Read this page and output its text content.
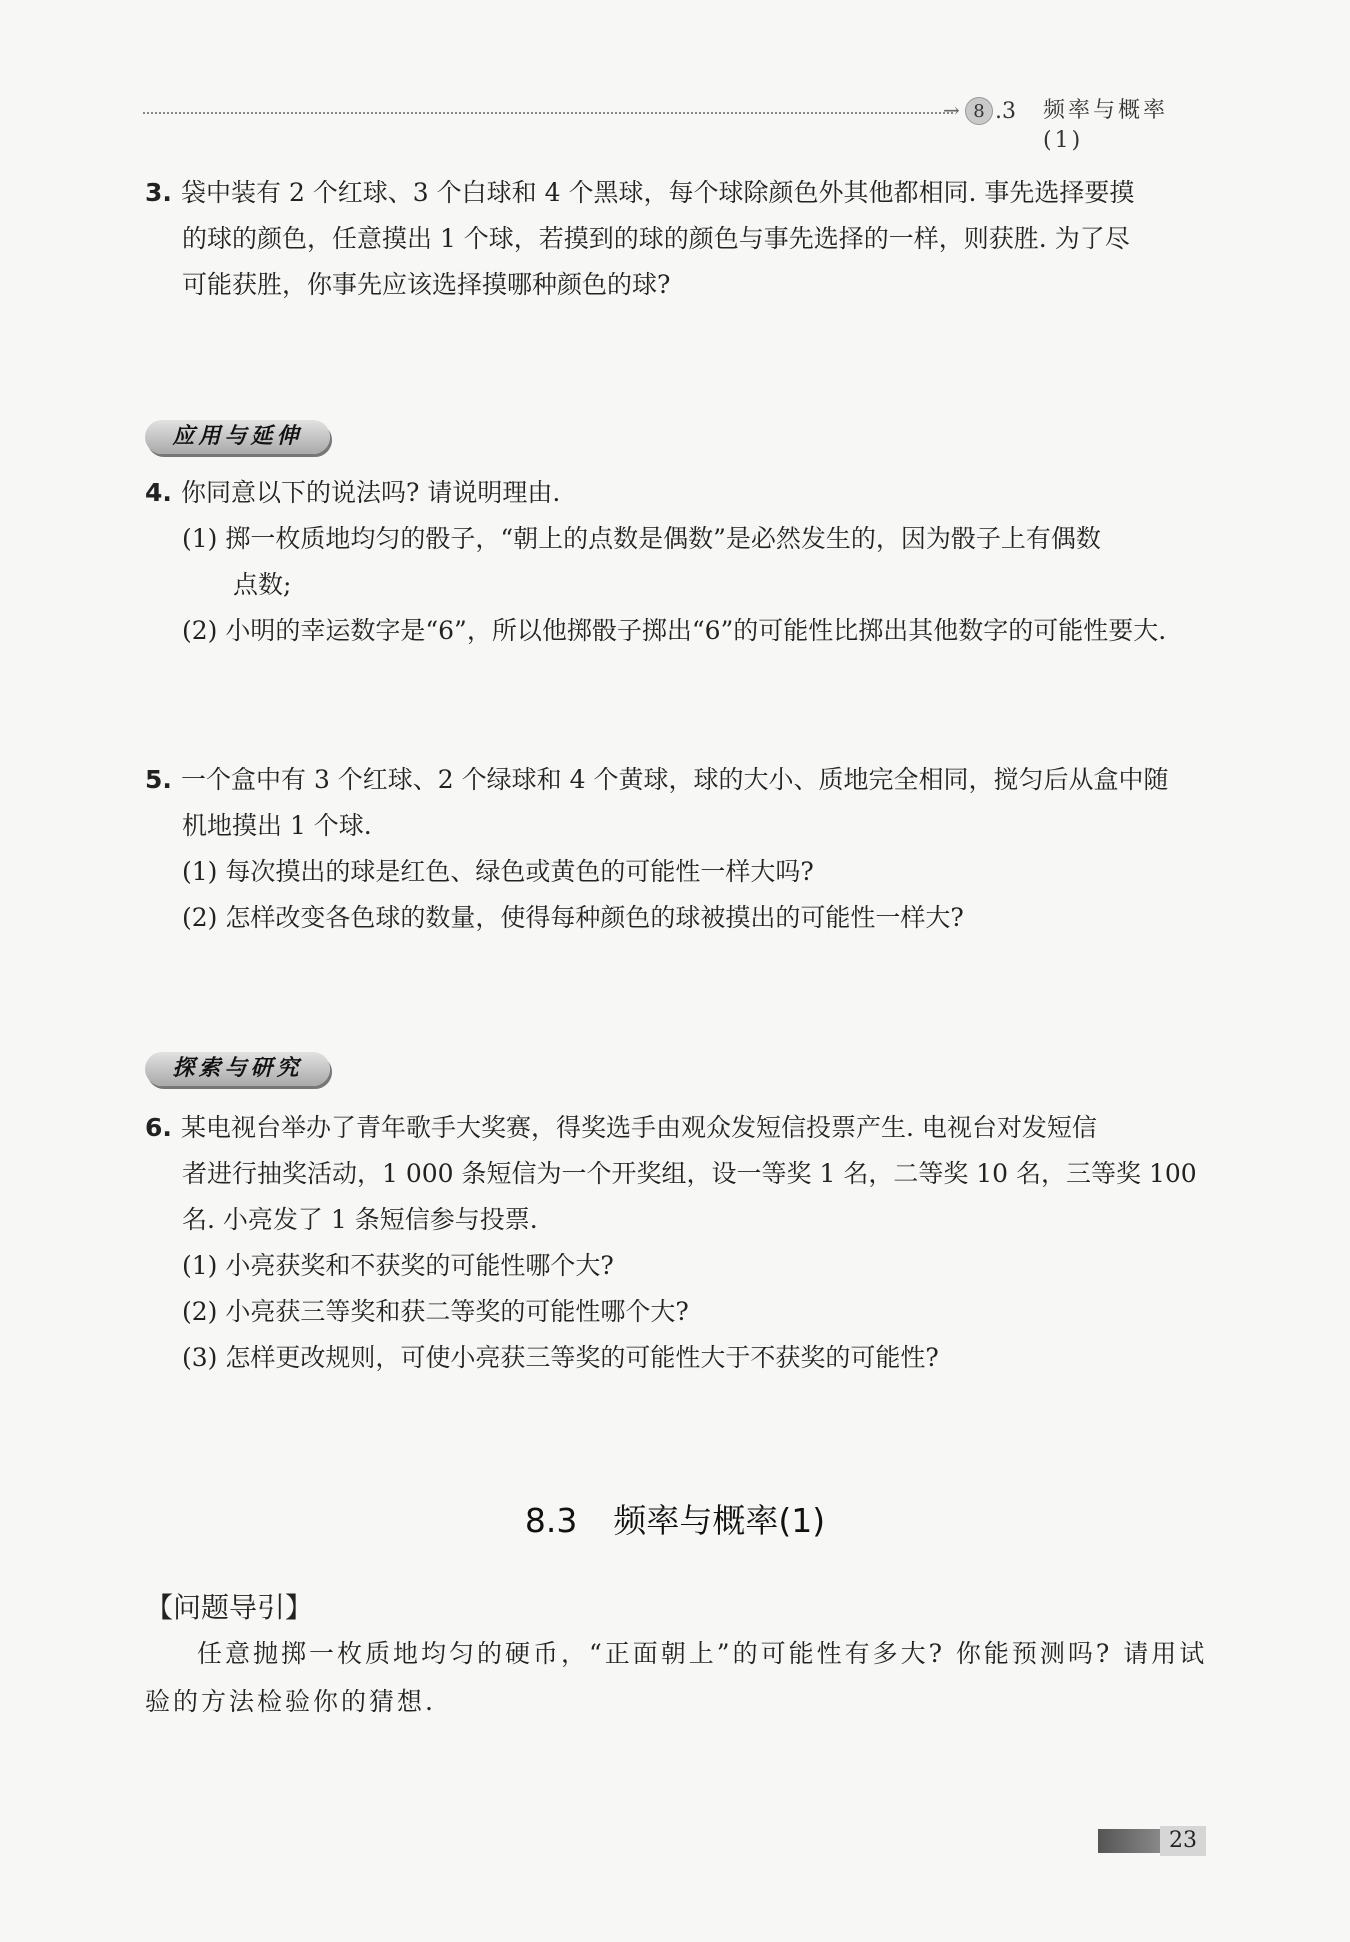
→ 8 .3 频率与概率(1)
3. 袋中装有 2 个红球、3 个白球和 4 个黑球，每个球除颜色外其他都相同. 事先选择要摸
的球的颜色，任意摸出 1 个球，若摸到的球的颜色与事先选择的一样，则获胜. 为了尽
可能获胜，你事先应该选择摸哪种颜色的球?
应用与延伸
4. 你同意以下的说法吗? 请说明理由.
(1) 掷一枚质地均匀的骰子，“朝上的点数是偶数”是必然发生的，因为骰子上有偶数
点数;
(2) 小明的幸运数字是“6”，所以他掷骰子掷出“6”的可能性比掷出其他数字的可能性要大.
5. 一个盒中有 3 个红球、2 个绿球和 4 个黄球，球的大小、质地完全相同，搅匀后从盒中随
机地摸出 1 个球.
(1) 每次摸出的球是红色、绿色或黄色的可能性一样大吗?
(2) 怎样改变各色球的数量，使得每种颜色的球被摸出的可能性一样大?
探索与研究
6. 某电视台举办了青年歌手大奖赛，得奖选手由观众发短信投票产生. 电视台对发短信
者进行抽奖活动，1 000 条短信为一个开奖组，设一等奖 1 名，二等奖 10 名，三等奖 100
名. 小亮发了 1 条短信参与投票.
(1) 小亮获奖和不获奖的可能性哪个大?
(2) 小亮获三等奖和获二等奖的可能性哪个大?
(3) 怎样更改规则，可使小亮获三等奖的可能性大于不获奖的可能性?
8.3 频率与概率(1)
【问题导引】
任意抛掷一枚质地均匀的硬币，“正面朝上”的可能性有多大? 你能预测吗? 请用试
验的方法检验你的猜想.
23
